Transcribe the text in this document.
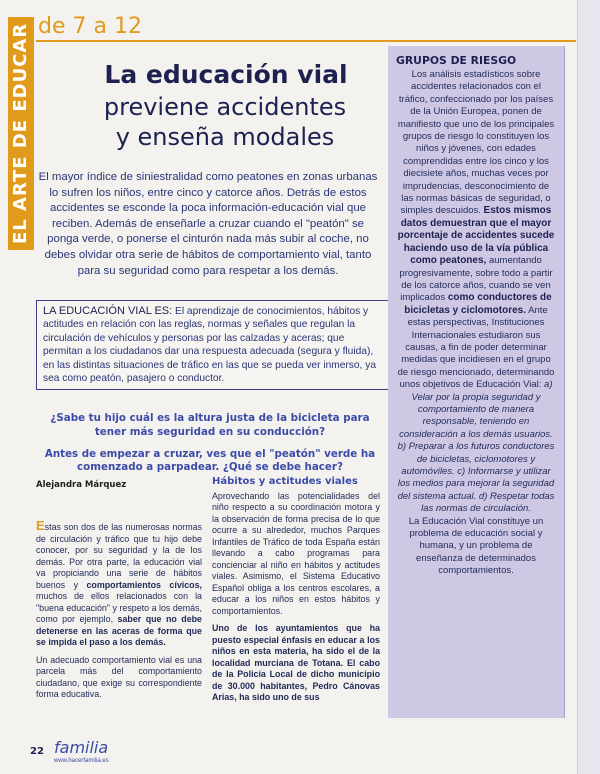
EL ARTE DE EDUCAR de 7 a 12
La educación vial
previene accidentes
y enseña modales
El mayor índice de siniestralidad como peatones en zonas urbanas lo sufren los niños, entre cinco y catorce años. Detrás de estos accidentes se esconde la poca información-educación vial que reciben. Además de enseñarle a cruzar cuando el "peatón" se ponga verde, o ponerse el cinturón nada más subir al coche, no debes olvidar otra serie de hábitos de comportamiento vial, tanto para su seguridad como para respetar a los demás.
LA EDUCACIÓN VIAL ES: El aprendizaje de conocimientos, hábitos y actitudes en relación con las reglas, normas y señales que regulan la circulación de vehículos y personas por las calzadas y aceras; que permitan a los ciudadanos dar una respuesta adecuada (segura y fluida), en las distintas situaciones de tráfico en las que se pueda ver inmerso, ya sea como peatón, pasajero o conductor.

¿Sabe tu hijo cuál es la altura justa de la bicicleta para tener más seguridad en su conducción?

Antes de empezar a cruzar, ves que el "peatón" verde ha comenzado a parpadear. ¿Qué se debe hacer?

Alejandra Márquez

Estas son dos de las numerosas normas de circulación y tráfico que tu hijo debe conocer, por su seguridad y la de los demás. Por otra parte, la educación vial va propiciando una serie de hábitos buenos y comportamientos cívicos, muchos de ellos relacionados con la "buena educación" y respeto a los demás, como por ejemplo, saber que no debe detenerse en las aceras de forma que se impida el paso a los demás.

Un adecuado comportamiento vial es una parcela más del comportamiento ciudadano, que exige su correspondiente forma educativa.

Hábitos y actitudes viales

Aprovechando las potencialidades del niño respecto a su coordinación motora y la observación de forma precisa de lo que ocurre a su alrededor, muchos Parques Infantiles de Tráfico de toda España están llevando a cabo programas para concienciar al niño en hábitos y actitudes viales. Asimismo, el Sistema Educativo Español obliga a los centros escolares, a educar a los niños en estos hábitos y comportamientos.

Uno de los ayuntamientos que ha puesto especial énfasis en educar a los niños en esta materia, ha sido el de la localidad murciana de Totana. El cabo de la Policía Local de dicho municipio de 30.000 habitantes, Pedro Cánovas Arias, ha sido uno de sus

GRUPOS DE RIESGO
Los análisis estadísticos sobre accidentes relacionados con el tráfico, confeccionado por los países de la Unión Europea, ponen de manifiesto que uno de los principales grupos de riesgo lo constituyen los niños y jóvenes, con edades comprendidas entre los cinco y los diecisiete años, muchas veces por imprudencias, desconocimiento de las normas básicas de seguridad, o simples descuidos. Estos mismos datos demuestran que el mayor porcentaje de accidentes sucede haciendo uso de la vía pública como peatones, aumentando progresivamente, sobre todo a partir de los catorce años, cuando se ven implicados como conductores de bicicletas y ciclomotores. Ante estas perspectivas, Instituciones Internacionales estudiaron sus causas, a fin de poder determinar medidas que incidiesen en el grupo de riesgo mencionado, determinando unos objetivos de Educación Vial: a) Velar por la propia seguridad y comportamiento de manera responsable, teniendo en consideración a los demás usuarios. b) Preparar a los futuros conductores de bicicletas, ciclomotores y automóviles. c) Informarse y utilizar los medios para mejorar la seguridad del sistema actual. d) Respetar todas las normas de circulación.
La Educación Vial constituye un problema de educación social y humana, y un problema de enseñanza de determinados comportamientos.
22 familia
www.hacerfamilia.es
